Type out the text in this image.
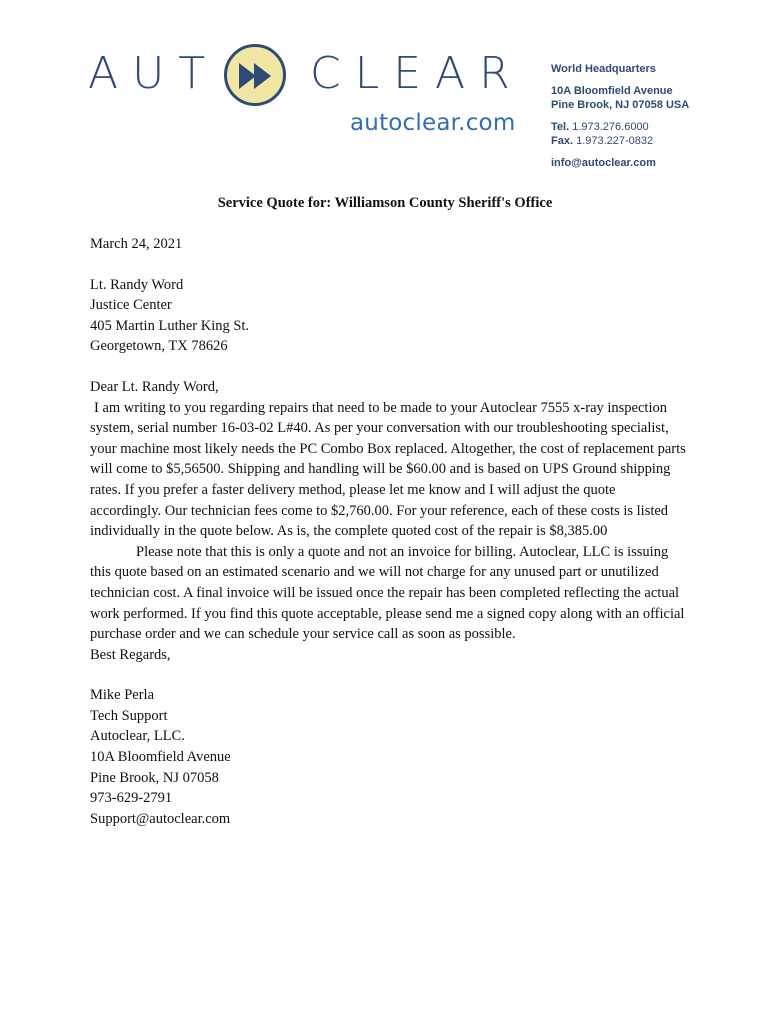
AUT CLEAR
autoclear.com
World Headquarters
10A Bloomfield Avenue
Pine Brook, NJ 07058 USA
Tel. 1.973.276.6000
Fax. 1.973.227-0832
info@autoclear.com
Service Quote for: Williamson County Sheriff's Office

March 24, 2021

Lt. Randy Word

Justice Center

405 Martin Luther King St.

Georgetown, TX 78626

Dear Lt. Randy Word,

I am writing to you regarding repairs that need to be made to your Autoclear 7555 x-ray inspection system, serial number 16-03-02 L#40. As per your conversation with our troubleshooting specialist, your machine most likely needs the PC Combo Box replaced. Altogether, the cost of replacement parts will come to $5,56500. Shipping and handling will be $60.00 and is based on UPS Ground shipping rates. If you prefer a faster delivery method, please let me know and I will adjust the quote accordingly. Our technician fees come to $2,760.00. For your reference, each of these costs is listed individually in the quote below. As is, the complete quoted cost of the repair is $8,385.00

Please note that this is only a quote and not an invoice for billing. Autoclear, LLC is issuing this quote based on an estimated scenario and we will not charge for any unused part or unutilized technician cost. A final invoice will be issued once the repair has been completed reflecting the actual work performed. If you find this quote acceptable, please send me a signed copy along with an official purchase order and we can schedule your service call as soon as possible.

Best Regards,

Mike Perla

Tech Support

Autoclear, LLC.

10A Bloomfield Avenue

Pine Brook, NJ 07058

973-629-2791

Support@autoclear.com
